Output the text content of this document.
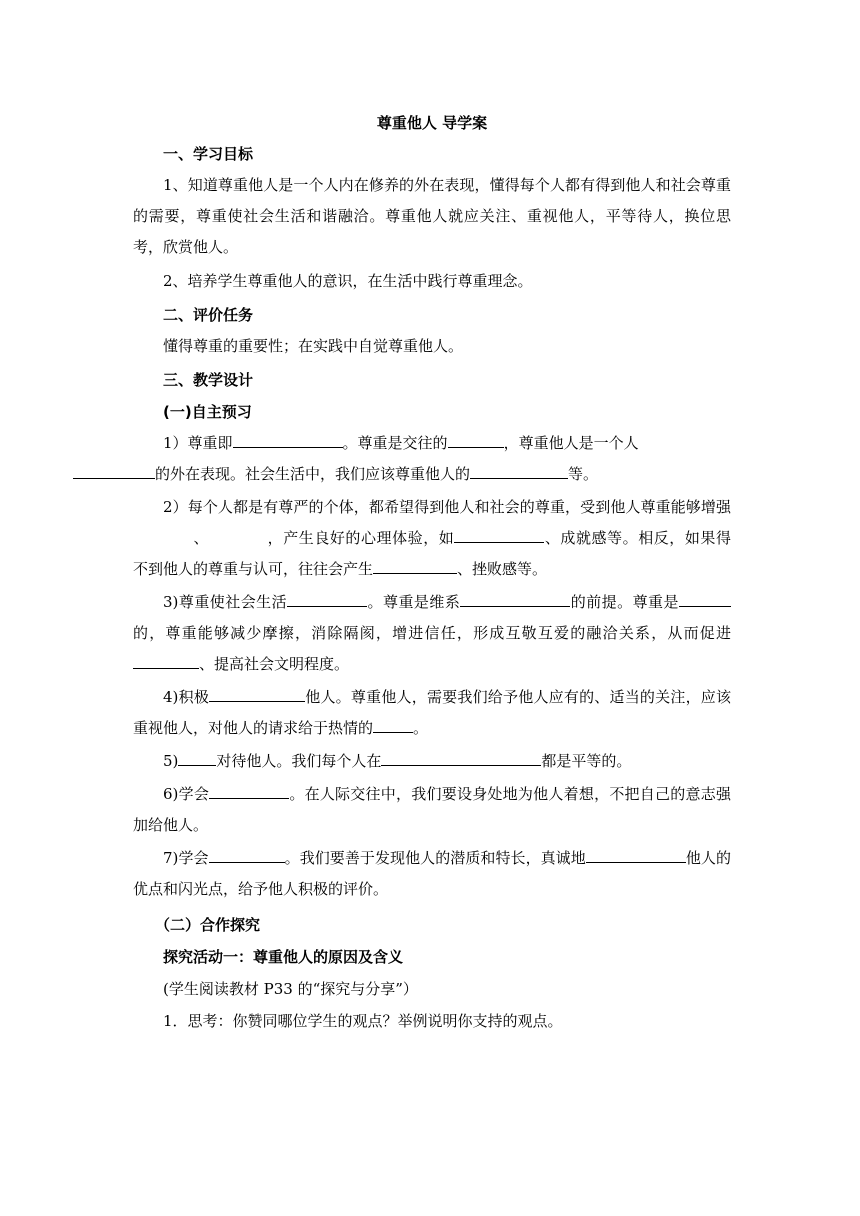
尊重他人 导学案
一、学习目标

1、知道尊重他人是一个人内在修养的外在表现，懂得每个人都有得到他人和社会尊重的需要，尊重使社会生活和谐融洽。尊重他人就应关注、重视他人，平等待人，换位思考，欣赏他人。

2、培养学生尊重他人的意识，在生活中践行尊重理念。

二、评价任务

懂得尊重的重要性；在实践中自觉尊重他人。

三、教学设计
(一)自主预习

1）尊重即	。尊重是交往的	，尊重他人是一个人
的外在表现。社会生活中，我们应该尊重他人的	等。

2）每个人都是有尊严的个体，都希望得到他人和社会的尊重，受到他人尊重能够增强、	，产生良好的心理体验，如	、成就感等。相反，如果得不到他人的尊重与认可，往往会产生	、挫败感等。

3)尊重使社会生活	。尊重是维系	的前提。尊重是的，尊重能够减少摩擦，消除隔阂，增进信任，形成互敬互爱的融洽关系，从而促进、提高社会文明程度。

4)积极	他人。尊重他人，需要我们给予他人应有的、适当的关注，应该重视他人，对他人的请求给于热情的	。

5)	对待他人。我们每个人在	都是平等的。

6)学会	。在人际交往中，我们要设身处地为他人着想，不把自己的意志强加给他人。

7)学会	。我们要善于发现他人的潜质和特长，真诚地	他人的优点和闪光点，给予他人积极的评价。

（二）合作探究
探究活动一：尊重他人的原因及含义
(学生阅读教材 P33 的“探究与分享”）
1．思考：你赞同哪位学生的观点？举例说明你支持的观点。
